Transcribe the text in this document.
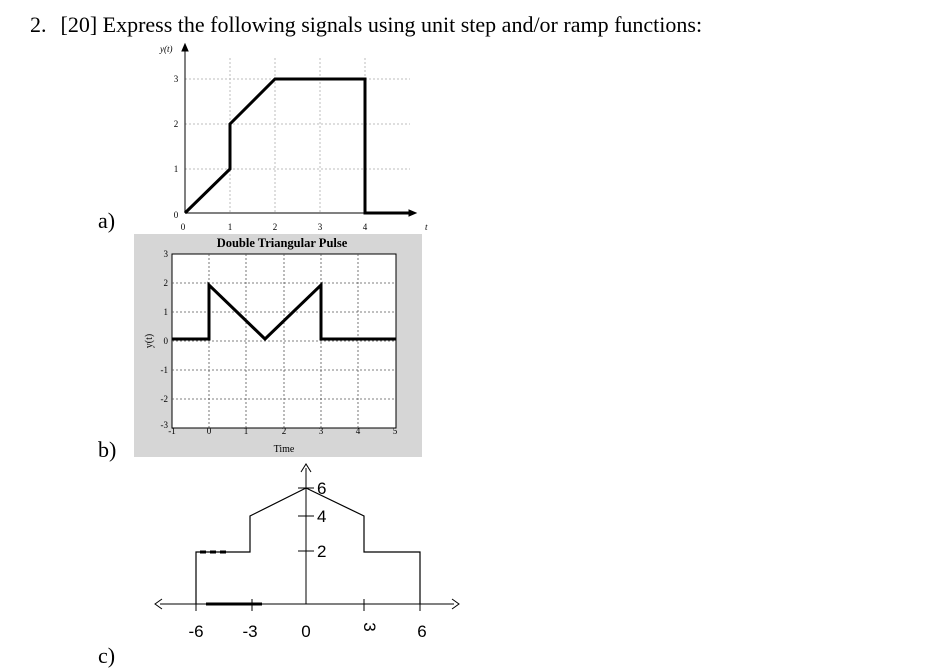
2. [20] Express the following signals using unit step and/or ramp functions:
a)
b)
c)
y(t)
t
0	1	2	3	4
0
1
2
3
Double Triangular Pulse
Time
y(t)
-1	0	1	2	3	4	5
3
2
1
0
-1
-2
-3
-6 -3	0	3 6
6
4
2
